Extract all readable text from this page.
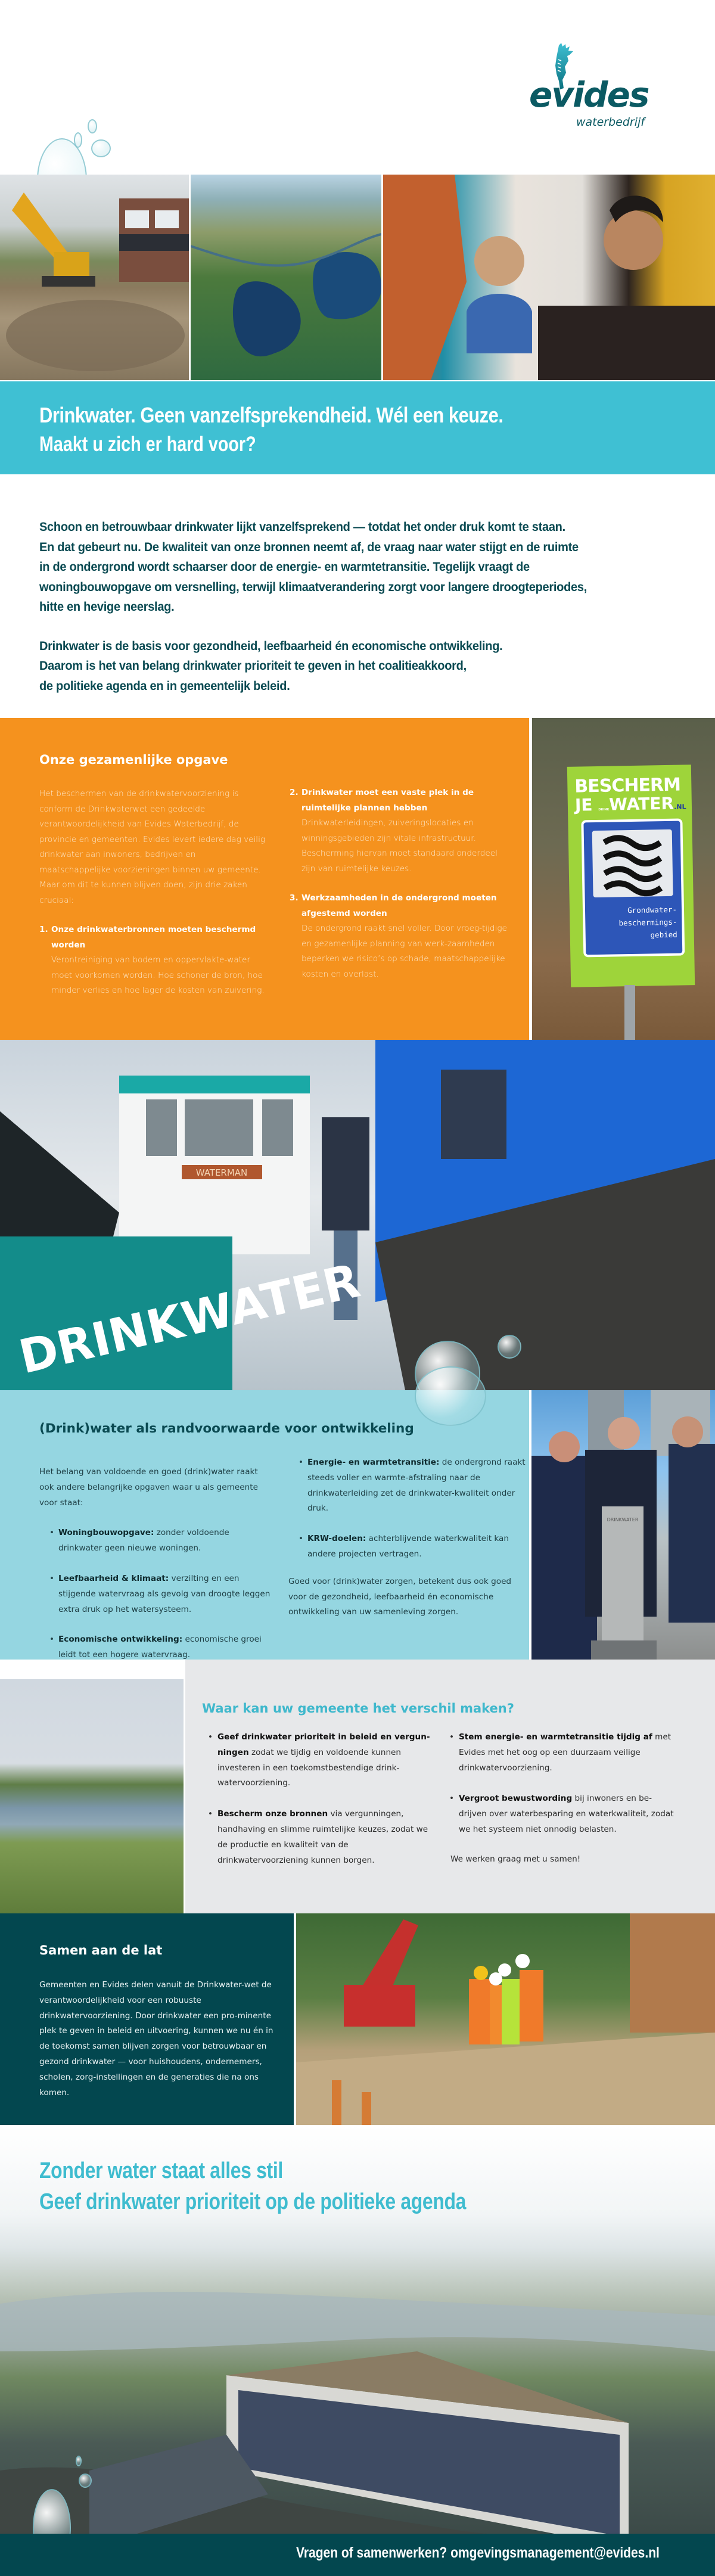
evides
waterbedrijf
Drinkwater. Geen vanzelfsprekendheid. Wél een keuze.
Maakt u zich er hard voor?

Schoon en betrouwbaar drinkwater lijkt vanzelfsprekend — totdat het onder druk komt te staan.
En dat gebeurt nu. De kwaliteit van onze bronnen neemt af, de vraag naar water stijgt en de ruimte
in de ondergrond wordt schaarser door de energie- en warmtetransitie. Tegelijk vraagt de
woningbouwopgave om versnelling, terwijl klimaatverandering zorgt voor langere droogteperiodes,
hitte en hevige neerslag.

Drinkwater is de basis voor gezondheid, leefbaarheid én economische ontwikkeling.
Daarom is het van belang drinkwater prioriteit te geven in het coalitieakkoord,
de politieke agenda en in gemeentelijk beleid.

Onze gezamenlijke opgave

Het beschermen van de drinkwatervoorziening is conform de Drinkwaterwet een gedeelde verantwoordelijkheid van Evides Waterbedrijf, de provincie en gemeenten. Evides levert iedere dag veilig drinkwater aan inwoners, bedrijven en maatschappelijke voorzieningen binnen uw gemeente. Maar om dit te kunnen blijven doen, zijn drie zaken cruciaal:

1. Onze drinkwaterbronnen moeten beschermd worden
Verontreiniging van bodem en oppervlakte-water moet voorkomen worden. Hoe schoner de bron, hoe minder verlies en hoe lager de kosten van zuivering.
2. Drinkwater moet een vaste plek in de ruimtelijke plannen hebben
Drinkwaterleidingen, zuiveringslocaties en winningsgebieden zijn vitale infrastructuur. Bescherming hiervan moet standaard onderdeel zijn van ruimtelijke keuzes.
3. Werkzaamheden in de ondergrond moeten afgestemd worden
De ondergrond raakt snel voller. Door vroeg-tijdige en gezamenlijke planning van werk-zaamheden beperken we risico’s op schade, maatschappelijke kosten en overlast.
BESCHERM
JE DRINKWATER.NL
Grondwater-
beschermings-
gebied
WATERMAN
DRINKWATER
(Drink)water als randvoorwaarde voor ontwikkeling

Het belang van voldoende en goed (drink)water raakt ook andere belangrijke opgaven waar u als gemeente voor staat:

• Woningbouwopgave: zonder voldoende drinkwater geen nieuwe woningen.
• Leefbaarheid & klimaat: verzilting en een stijgende watervraag als gevolg van droogte leggen extra druk op het watersysteem.
• Economische ontwikkeling: economische groei leidt tot een hogere watervraag.
• Energie- en warmtetransitie: de ondergrond raakt steeds voller en warmte-afstraling naar de drinkwaterleiding zet de drinkwater-kwaliteit onder druk.
• KRW-doelen: achterblijvende waterkwaliteit kan andere projecten vertragen.

Goed voor (drink)water zorgen, betekent dus ook goed voor de gezondheid, leefbaarheid én economische ontwikkeling van uw samenleving zorgen.

DRINKWATER
Waar kan uw gemeente het verschil maken?
• Geef drinkwater prioriteit in beleid en vergun-ningen zodat we tijdig en voldoende kunnen investeren in een toekomstbestendige drink-watervoorziening.
• Bescherm onze bronnen via vergunningen, handhaving en slimme ruimtelijke keuzes, zodat we de productie en kwaliteit van de drinkwatervoorziening kunnen borgen.
• Stem energie- en warmtetransitie tijdig af met Evides met het oog op een duurzaam veilige drinkwatervoorziening.
• Vergroot bewustwording bij inwoners en be-drijven over waterbesparing en waterkwaliteit, zodat we het systeem niet onnodig belasten.

We werken graag met u samen!

Samen aan de lat

Gemeenten en Evides delen vanuit de Drinkwater-wet de verantwoordelijkheid voor een robuuste drinkwatervoorziening. Door drinkwater een pro-minente plek te geven in beleid en uitvoering, kunnen we nu én in de toekomst samen blijven zorgen voor betrouwbaar en gezond drinkwater — voor huishoudens, ondernemers, scholen, zorg-instellingen en de generaties die na ons komen.

Zonder water staat alles stil
Geef drinkwater prioriteit op de politieke agenda
Vragen of samenwerken? omgevingsmanagement@evides.nl
